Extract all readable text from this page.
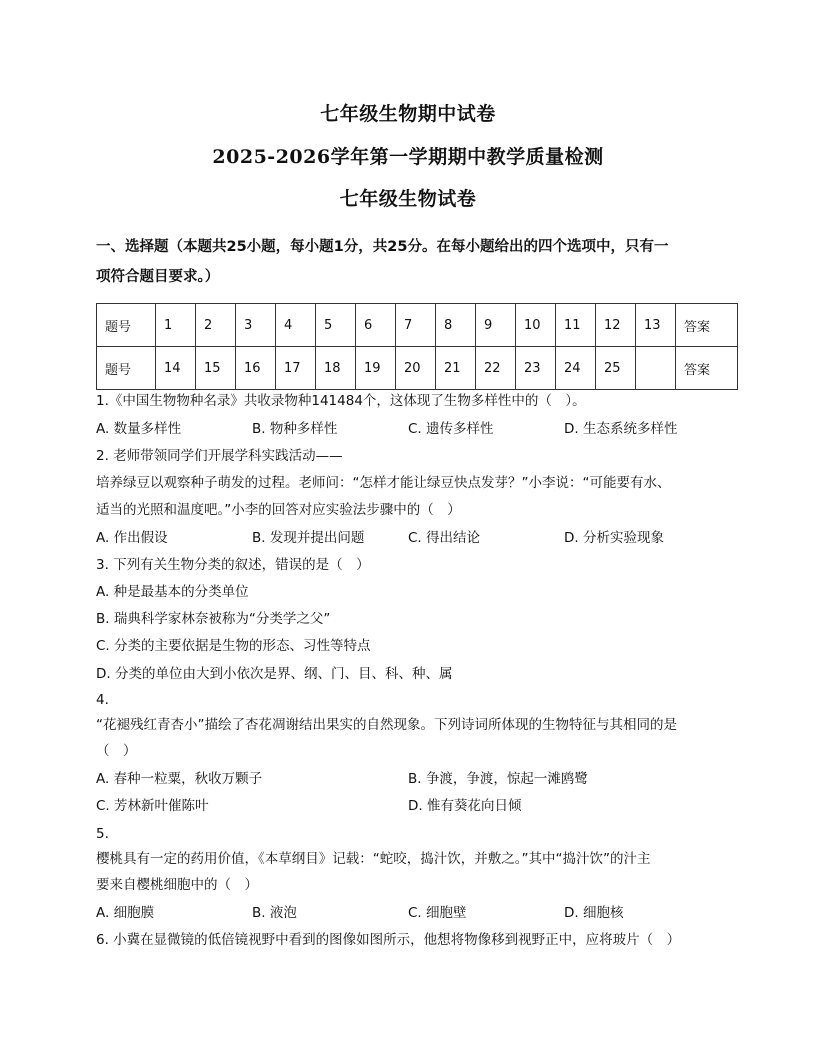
七年级生物期中试卷
2025-2026学年第一学期期中教学质量检测
七年级生物试卷
一、选择题（本题共25小题，每小题1分，共25分。在每小题给出的四个选项中，只有一
项符合题目要求。）
题号	1	2	3	4	5	6	7	8	9	10	11	12	13	答案
题号	14	15	16	17	18	19	20	21	22	23	24	25		答案
1.《中国生物物种名录》共收录物种141484个，这体现了生物多样性中的（　）。
A. 数量多样性	B. 物种多样性	C. 遗传多样性	D. 生态系统多样性
2. 老师带领同学们开展学科实践活动——
培养绿豆以观察种子萌发的过程。老师问：“怎样才能让绿豆快点发芽？”小李说：“可能要有水、
适当的光照和温度吧。”小李的回答对应实验法步骤中的（　）
A. 作出假设	B. 发现并提出问题	C. 得出结论	D. 分析实验现象
3. 下列有关生物分类的叙述，错误的是（　）
A. 种是最基本的分类单位
B. 瑞典科学家林奈被称为“分类学之父”
C. 分类的主要依据是生物的形态、习性等特点
D. 分类的单位由大到小依次是界、纲、门、目、科、种、属
4.
“花褪残红青杏小”描绘了杏花凋谢结出果实的自然现象。下列诗词所体现的生物特征与其相同的是
（　）
A. 春种一粒粟，秋收万颗子	B. 争渡，争渡，惊起一滩鸥鹭
C. 芳林新叶催陈叶	D. 惟有葵花向日倾
5.
樱桃具有一定的药用价值，《本草纲目》记载：“蛇咬，捣汁饮，并敷之。”其中“捣汁饮”的汁主
要来自樱桃细胞中的（　）
A. 细胞膜	B. 液泡	C. 细胞壁	D. 细胞核
6. 小冀在显微镜的低倍镜视野中看到的图像如图所示，他想将物像移到视野正中，应将玻片（　）
